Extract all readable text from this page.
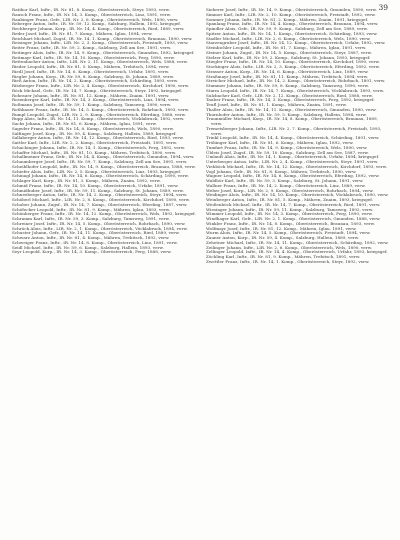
39

Ratibor Karl, Inftr., IR. Nr. 81, 8. Komp., Oberösterreich, Steyr, 1893, verw.

Rausch Franz, Inftr., IR. Nr. 14, 3. Komp., Oberösterreich, Linz, 1891, verw.

Raubinger Franz, Gefr., LIR. Nr. 2, 6. Komp., Oberösterreich, Wels, 1890, verw.

Reberger Anton, Inftr., IR. Nr. 59, 12. Komp., Salzburg, Hallein, 1892, kriegsgef.

Rechberger Johann, Korp., IR. Nr. 14, 4. Komp., Oberösterreich, Ried, 1889, verw.

Reder Josef, Inftr., IR. Nr. 81, 7. Komp., Mähren, Iglau, 1894, verw.

Reichhart Michael, Zugsf., IR. Nr. 14, 1. Komp., Oberösterreich, Braunau, 1890, verw.

Reisinger Johann, Inftr., LIR. Nr. 2, 3. Komp., Oberösterreich, Freistadt, 1893, verw.

Reiter Franz, Inftr., IR. Nr. 59, 2. Komp., Salzburg, Zell am See, 1891, verw.

Reitinger Alois, Inftr., IR. Nr. 14, 9. Komp., Oberösterreich, Gmunden, 1892, kriegsgef.

Reitmayr Karl, Inftr., IR. Nr. 14, 10. Komp., Oberösterreich, Perg, 1890, verw.

Rettenbacher Anton, Inftr., LIR. Nr. 2, 11. Komp., Oberösterreich, Wels, 1888, verw.

Rieder Leopold, Inftr., IR. Nr. 81, 5. Komp., Mähren, Trebitsch, 1894, verw.

Riedl Josef, Inftr., IR. Nr. 14, 6. Komp., Oberösterreich, Urfahr, 1891, verw.

Riegler Johann, Korp., IR. Nr. 59, 8. Komp., Salzburg, St. Johann, 1889, verw.

Rieß Anton, Inftr., IR. Nr. 14, 2. Komp., Oberösterreich, Schärding, 1893, verw.

Ritzberger Franz, Inftr., LIR. Nr. 2, 4. Komp., Oberösterreich, Kirchdorf, 1890, verw.

Röck Michael, Gefr., IR. Nr. 14, 7. Komp., Oberösterreich, Steyr, 1892, kriegsgef.

Rohrauer Johann, Inftr., IR. Nr. 81, 12. Komp., Mähren, Znaim, 1891, verw.

Rosenberger Karl, Inftr., IR. Nr. 14, 3. Komp., Oberösterreich, Linz, 1894, verw.

Roßmann Josef, Inftr., IR. Nr. 59, 1. Komp., Salzburg, Tamsweg, 1890, verw.

Rothbauer Franz, Inftr., IR. Nr. 14, 5. Komp., Oberösterreich, Rohrbach, 1893, verw.

Rumpl Leopold, Zugsf., LIR. Nr. 2, 9. Komp., Oberösterreich, Eferding, 1888, verw.

Rupp Alois, Inftr., IR. Nr. 14, 11. Komp., Oberösterreich, Vöcklabruck, 1892, verw.

Sachs Johann, Inftr., IR. Nr. 81, 6. Komp., Mähren, Iglau, 1891, verw.

Sageder Franz, Inftr., IR. Nr. 14, 8. Komp., Oberösterreich, Wels, 1890, verw.

Salfinger Josef, Korp., IR. Nr. 59, 4. Komp., Salzburg, Hallein, 1889, kriegsgef.

Sallaberger Anton, Inftr., IR. Nr. 14, 12. Komp., Oberösterreich, Ried, 1893, verw.

Sattler Karl, Inftr., LIR. Nr. 2, 2. Komp., Oberösterreich, Freistadt, 1891, verw.

Schachinger Johann, Inftr., IR. Nr. 14, 1. Komp., Oberösterreich, Perg, 1892, verw.

Schaffer Michael, Inftr., IR. Nr. 81, 10. Komp., Mähren, Trebitsch, 1890, verw.

Schallmeiner Franz, Gefr., IR. Nr. 14, 4. Komp., Oberösterreich, Gmunden, 1894, verw.

Schaumberger Josef, Inftr., IR. Nr. 59, 7. Komp., Salzburg, Zell am See, 1891, verw.

Scheiblhofer Leopold, Inftr., IR. Nr. 14, 9. Komp., Oberösterreich, Braunau, 1888, verw.

Schiefer Alois, Inftr., LIR. Nr. 2, 5. Komp., Oberösterreich, Linz, 1893, kriegsgef.

Schinagl Johann, Inftr., IR. Nr. 14, 6. Komp., Oberösterreich, Schärding, 1890, verw.

Schlager Karl, Korp., IR. Nr. 81, 3. Komp., Mähren, Znaim, 1892, verw.

Schmid Franz, Inftr., IR. Nr. 14, 10. Komp., Oberösterreich, Urfahr, 1891, verw.

Schmidhuber Josef, Inftr., IR. Nr. 59, 11. Komp., Salzburg, St. Johann, 1889, verw.

Schneeberger Anton, Inftr., IR. Nr. 14, 2. Komp., Oberösterreich, Steyr, 1894, verw.

Schöberl Michael, Inftr., LIR. Nr. 2, 8. Komp., Oberösterreich, Kirchdorf, 1890, verw.

Schober Johann, Zugsf., IR. Nr. 14, 7. Komp., Oberösterreich, Eferding, 1887, verw.

Schöfecker Leopold, Inftr., IR. Nr. 81, 9. Komp., Mähren, Iglau, 1893, verw.

Schönberger Franz, Inftr., IR. Nr. 14, 12. Komp., Oberösterreich, Wels, 1892, kriegsgef.

Schramm Karl, Inftr., IR. Nr. 59, 3. Komp., Salzburg, Tamsweg, 1891, verw.

Schreiner Josef, Inftr., IR. Nr. 14, 5. Komp., Oberösterreich, Rohrbach, 1890, verw.

Schröck Alois, Inftr., LIR. Nr. 2, 1. Komp., Oberösterreich, Vöcklabruck, 1894, verw.

Schuster Johann, Gefr., IR. Nr. 14, 11. Komp., Oberösterreich, Ried, 1889, verw.

Schwarz Anton, Inftr., IR. Nr. 81, 4. Komp., Mähren, Trebitsch, 1892, verw.

Schweiger Franz, Inftr., IR. Nr. 14, 8. Komp., Oberösterreich, Linz, 1891, verw.

Seidl Michael, Inftr., IR. Nr. 59, 6. Komp., Salzburg, Hallein, 1893, verw.

Seyr Leopold, Korp., IR. Nr. 14, 3. Komp., Oberösterreich, Perg, 1888, verw.

Sieberer Josef, Inftr., IR. Nr. 14, 9. Komp., Oberösterreich, Gmunden, 1890, verw.

Simmer Karl, Inftr., LIR. Nr. 2, 10. Komp., Oberösterreich, Freistadt, 1892, verw.

Sommer Johann, Inftr., IR. Nr. 81, 2. Komp., Mähren, Znaim, 1891, kriegsgef.

Spanlang Franz, Inftr., IR. Nr. 14, 4. Komp., Oberösterreich, Braunau, 1894, verw.

Spindler Alois, Gefr., IR. Nr. 59, 9. Komp., Salzburg, Zell am See, 1889, verw.

Spitzer Anton, Inftr., IR. Nr. 14, 1. Komp., Oberösterreich, Schärding, 1893, verw.

Stadler Michael, Inftr., LIR. Nr. 2, 6. Komp., Oberösterreich, Wels, 1890, verw.

Starzengruber Josef, Inftr., IR. Nr. 14, 12. Komp., Oberösterreich, Urfahr, 1892, verw.

Steinbichler Leopold, Inftr., IR. Nr. 81, 7. Komp., Mähren, Iglau, 1891, verw.

Steiner Johann, Zugsf., IR. Nr. 14, 5. Komp., Oberösterreich, Steyr, 1887, verw.

Stelzer Karl, Inftr., IR. Nr. 59, 2. Komp., Salzburg, St. Johann, 1893, kriegsgef.

Stiegler Franz, Inftr., IR. Nr. 14, 10. Komp., Oberösterreich, Kirchdorf, 1890, verw.

Stockinger Alois, Inftr., LIR. Nr. 2, 3. Komp., Oberösterreich, Eferding, 1892, verw.

Strasser Anton, Korp., IR. Nr. 14, 6. Komp., Oberösterreich, Linz, 1889, verw.

Straßmayr Josef, Inftr., IR. Nr. 81, 11. Komp., Mähren, Trebitsch, 1894, verw.

Streicher Michael, Inftr., IR. Nr. 14, 2. Komp., Oberösterreich, Rohrbach, 1891, verw.

Stummer Johann, Inftr., IR. Nr. 59, 8. Komp., Salzburg, Tamsweg, 1890, verw.

Sturm Leopold, Inftr., IR. Nr. 14, 7. Komp., Oberösterreich, Vöcklabruck, 1893, verw.

Sulzbacher Karl, Gefr., LIR. Nr. 2, 12. Komp., Oberösterreich, Ried, 1888, verw.

Tauber Franz, Inftr., IR. Nr. 14, 3. Komp., Oberösterreich, Perg, 1892, kriegsgef.

Teufl Josef, Inftr., IR. Nr. 81, 1. Komp., Mähren, Znaim, 1891, verw.

Thaller Alois, Inftr., IR. Nr. 14, 11. Komp., Oberösterreich, Gmunden, 1890, verw.

Thurnhofer Anton, Inftr., IR. Nr. 59, 5. Komp., Salzburg, Hallein, 1894, verw.

Traunmüller Michael, Korp., IR. Nr. 14, 8. Komp., Oberösterreich, Braunau, 1889, verw.

Tremetsberger Johann, Inftr., LIR. Nr. 2, 7. Komp., Oberösterreich, Freistadt, 1893, verw.

Trinkl Leopold, Inftr., IR. Nr. 14, 4. Komp., Oberösterreich, Schärding, 1891, verw.

Tröbinger Karl, Inftr., IR. Nr. 81, 6. Komp., Mähren, Iglau, 1892, verw.

Tumfart Franz, Inftr., IR. Nr. 14, 9. Komp., Oberösterreich, Wels, 1890, verw.

Übleis Josef, Zugsf., IR. Nr. 59, 10. Komp., Salzburg, Zell am See, 1887, verw.

Umlauft Alois, Inftr., IR. Nr. 14, 1. Komp., Oberösterreich, Urfahr, 1894, kriegsgef.

Unterberger Anton, Inftr., LIR. Nr. 2, 4. Komp., Oberösterreich, Steyr, 1891, verw.

Viehböck Michael, Inftr., IR. Nr. 14, 12. Komp., Oberösterreich, Kirchdorf, 1893, verw.

Vogl Johann, Gefr., IR. Nr. 81, 8. Komp., Mähren, Trebitsch, 1890, verw.

Wagner Leopold, Inftr., IR. Nr. 14, 6. Komp., Oberösterreich, Eferding, 1892, verw.

Waldhör Karl, Inftr., IR. Nr. 59, 3. Komp., Salzburg, St. Johann, 1891, verw.

Wallner Franz, Inftr., IR. Nr. 14, 2. Komp., Oberösterreich, Linz, 1889, verw.

Weber Josef, Korp., LIR. Nr. 2, 9. Komp., Oberösterreich, Rohrbach, 1894, verw.

Weidinger Alois, Inftr., IR. Nr. 14, 10. Komp., Oberösterreich, Vöcklabruck, 1890, verw.

Weinberger Anton, Inftr., IR. Nr. 81, 5. Komp., Mähren, Znaim, 1893, kriegsgef.

Weißenböck Michael, Inftr., IR. Nr. 14, 7. Komp., Oberösterreich, Ried, 1891, verw.

Wiesinger Johann, Inftr., IR. Nr. 59, 11. Komp., Salzburg, Tamsweg, 1892, verw.

Wimmer Leopold, Inftr., IR. Nr. 14, 3. Komp., Oberösterreich, Perg, 1890, verw.

Windhager Karl, Gefr., LIR. Nr. 2, 1. Komp., Oberösterreich, Gmunden, 1888, verw.

Winkler Franz, Inftr., IR. Nr. 14, 8. Komp., Oberösterreich, Braunau, 1893, verw.

Wolfmayr Josef, Inftr., IR. Nr. 81, 12. Komp., Mähren, Iglau, 1891, verw.

Wurm Alois, Inftr., IR. Nr. 14, 5. Komp., Oberösterreich, Freistadt, 1894, verw.

Zauner Anton, Korp., IR. Nr. 59, 4. Komp., Salzburg, Hallein, 1889, verw.

Zehetner Michael, Inftr., IR. Nr. 14, 11. Komp., Oberösterreich, Schärding, 1892, verw.

Zeilinger Johann, Inftr., LIR. Nr. 2, 6. Komp., Oberösterreich, Wels, 1890, verw.

Zellinger Leopold, Inftr., IR. Nr. 14, 4. Komp., Oberösterreich, Urfahr, 1893, kriegsgef.

Zöchling Karl, Inftr., IR. Nr. 81, 9. Komp., Mähren, Trebitsch, 1891, verw.

Zwettler Franz, Inftr., IR. Nr. 14, 1. Komp., Oberösterreich, Steyr, 1892, verw.
